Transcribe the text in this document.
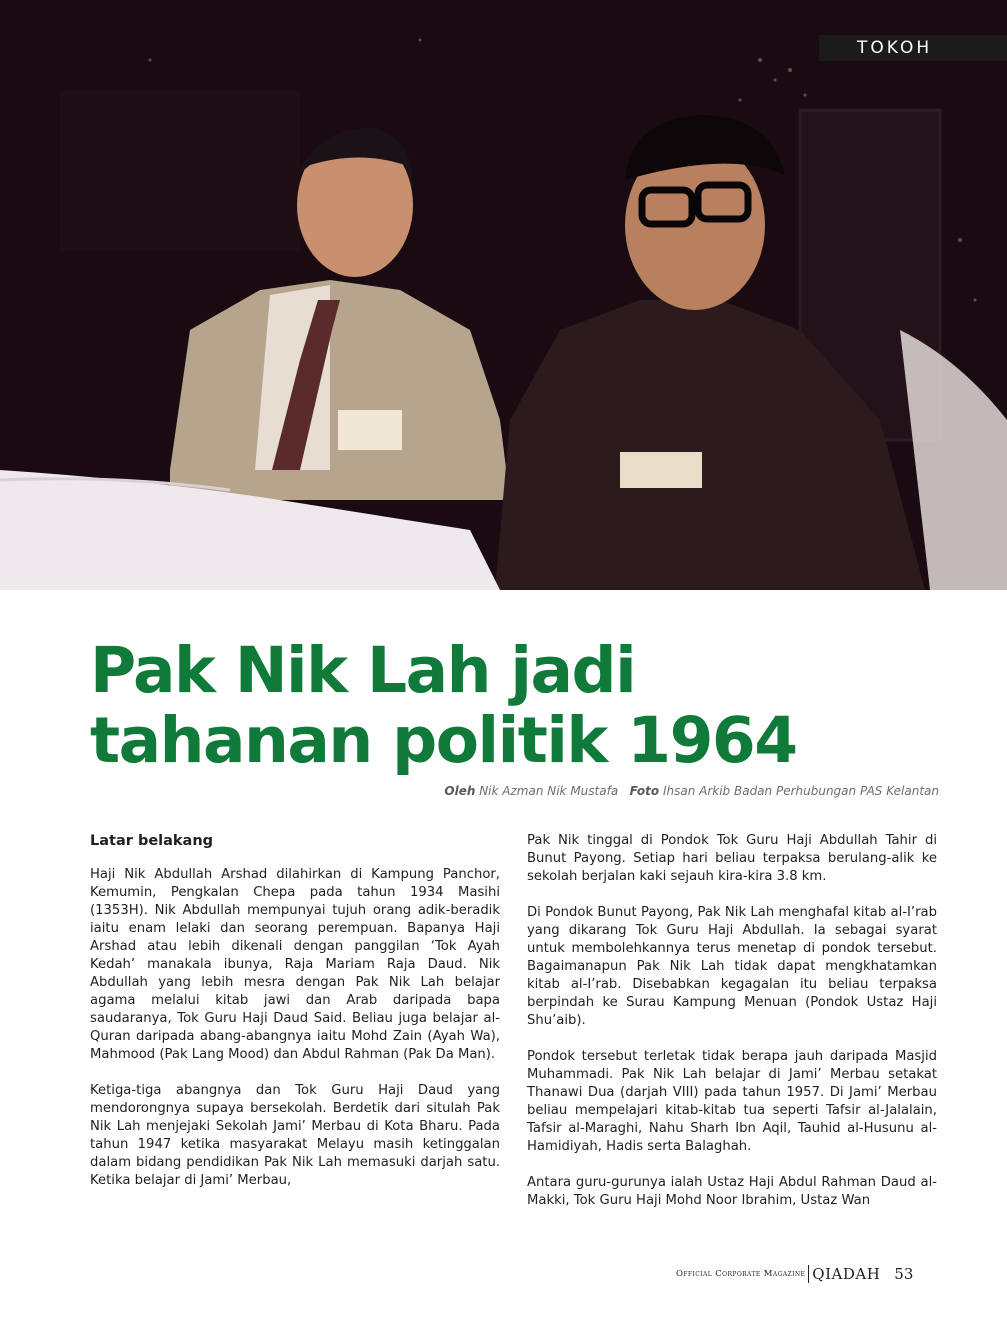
TOKOH
Pak Nik Lah jadi
tahanan politik 1964
Oleh Nik Azman Nik Mustafa Foto Ihsan Arkib Badan Perhubungan PAS Kelantan
Latar belakang

Haji Nik Abdullah Arshad dilahirkan di Kampung Panchor, Kemumin, Pengkalan Chepa pada tahun 1934 Masihi (1353H). Nik Abdullah mempunyai tujuh orang adik-beradik iaitu enam lelaki dan seorang perempuan. Bapanya Haji Arshad atau lebih dikenali dengan panggilan ‘Tok Ayah Kedah’ manakala ibunya, Raja Mariam Raja Daud. Nik Abdullah yang lebih mesra dengan Pak Nik Lah belajar agama melalui kitab jawi dan Arab daripada bapa saudaranya, Tok Guru Haji Daud Said. Beliau juga belajar al-Quran daripada abang-abangnya iaitu Mohd Zain (Ayah Wa), Mahmood (Pak Lang Mood) dan Abdul Rahman (Pak Da Man).

Ketiga-tiga abangnya dan Tok Guru Haji Daud yang mendorongnya supaya bersekolah. Berdetik dari situlah Pak Nik Lah menjejaki Sekolah Jami’ Merbau di Kota Bharu. Pada tahun 1947 ketika masyarakat Melayu masih ketinggalan dalam bidang pendidikan Pak Nik Lah memasuki darjah satu. Ketika belajar di Jami’ Merbau,

Pak Nik tinggal di Pondok Tok Guru Haji Abdullah Tahir di Bunut Payong. Setiap hari beliau terpaksa berulang-alik ke sekolah berjalan kaki sejauh kira-kira 3.8 km.

Di Pondok Bunut Payong, Pak Nik Lah menghafal kitab al-I’rab yang dikarang Tok Guru Haji Abdullah. Ia sebagai syarat untuk membolehkannya terus menetap di pondok tersebut. Bagaimanapun Pak Nik Lah tidak dapat mengkhatamkan kitab al-I’rab. Disebabkan kegagalan itu beliau terpaksa berpindah ke Surau Kampung Menuan (Pondok Ustaz Haji Shu’aib).

Pondok tersebut terletak tidak berapa jauh daripada Masjid Muhammadi. Pak Nik Lah belajar di Jami’ Merbau setakat Thanawi Dua (darjah VIII) pada tahun 1957. Di Jami’ Merbau beliau mempelajari kitab-kitab tua seperti Tafsir al-Jalalain, Tafsir al-Maraghi, Nahu Sharh Ibn Aqil, Tauhid al-Husunu al-Hamidiyah, Hadis serta Balaghah.

Antara guru-gurunya ialah Ustaz Haji Abdul Rahman Daud al-Makki, Tok Guru Haji Mohd Noor Ibrahim, Ustaz Wan

Official Corporate Magazine QIADAH 53
